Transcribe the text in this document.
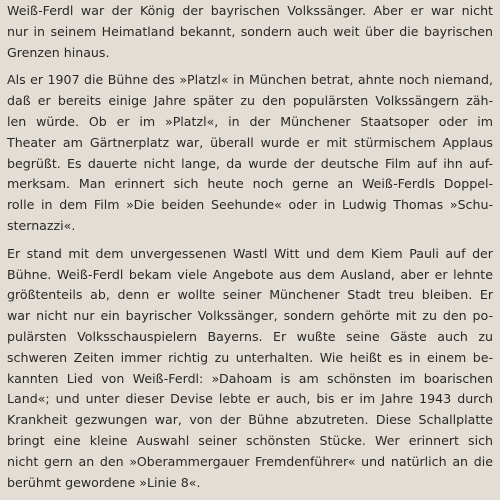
Weiß-Ferdl war der König der bayrischen Volkssänger. Aber er war nicht
nur in seinem Heimatland bekannt, sondern auch weit über die bayrischen
Grenzen hinaus.

Als er 1907 die Bühne des »Platzl« in München betrat, ahnte noch niemand,
daß er bereits einige Jahre später zu den populärsten Volkssängern zäh-
len würde. Ob er im »Platzl«, in der Münchener Staatsoper oder im
Theater am Gärtnerplatz war, überall wurde er mit stürmischem Applaus
begrüßt. Es dauerte nicht lange, da wurde der deutsche Film auf ihn auf-
merksam. Man erinnert sich heute noch gerne an Weiß-Ferdls Doppel-
rolle in dem Film »Die beiden Seehunde« oder in Ludwig Thomas »Schu-
sternazzi«.

Er stand mit dem unvergessenen Wastl Witt und dem Kiem Pauli auf der
Bühne. Weiß-Ferdl bekam viele Angebote aus dem Ausland, aber er lehnte
größtenteils ab, denn er wollte seiner Münchener Stadt treu bleiben. Er
war nicht nur ein bayrischer Volkssänger, sondern gehörte mit zu den po-
pulärsten Volksschauspielern Bayerns. Er wußte seine Gäste auch zu
schweren Zeiten immer richtig zu unterhalten. Wie heißt es in einem be-
kannten Lied von Weiß-Ferdl: »Dahoam is am schönsten im boarischen
Land«; und unter dieser Devise lebte er auch, bis er im Jahre 1943 durch
Krankheit gezwungen war, von der Bühne abzutreten. Diese Schallplatte
bringt eine kleine Auswahl seiner schönsten Stücke. Wer erinnert sich
nicht gern an den »Oberammergauer Fremdenführer« und natürlich an die
berühmt gewordene »Linie 8«.
